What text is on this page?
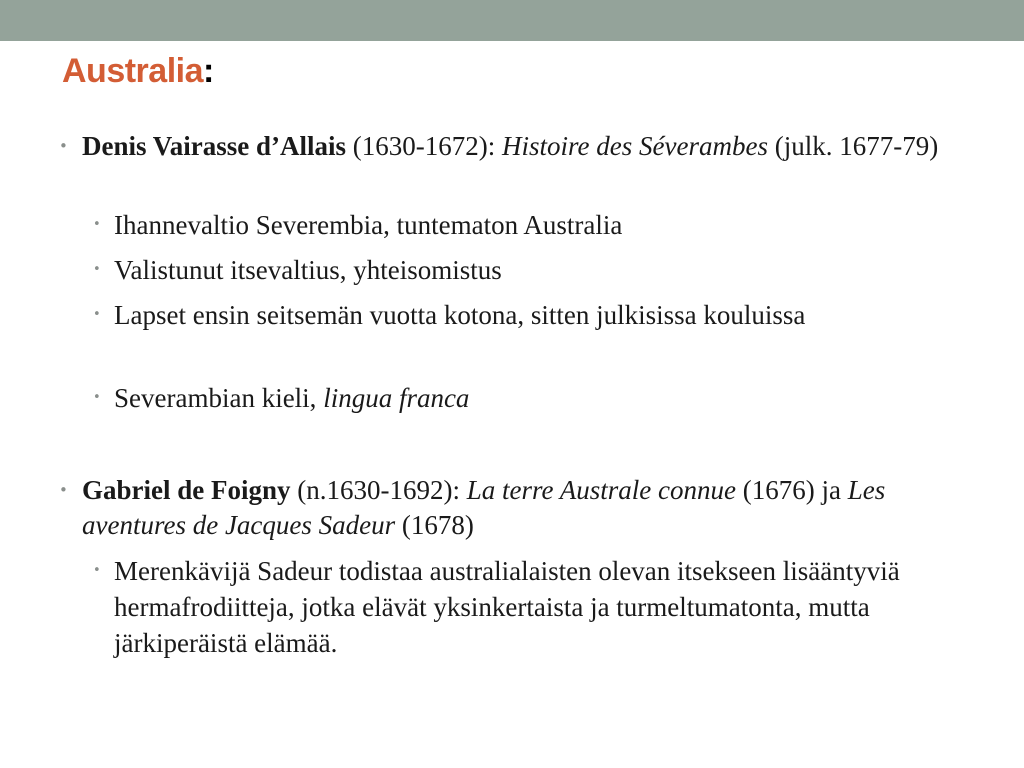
Australia:
• Denis Vairasse d’Allais (1630-1672): Histoire des Séverambes (julk. 1677-79)
• Ihannevaltio Severembia, tuntematon Australia
• Valistunut itsevaltius, yhteisomistus
• Lapset ensin seitsemän vuotta kotona, sitten julkisissa kouluissa
• Severambian kieli, lingua franca
• Gabriel de Foigny (n.1630-1692): La terre Australe connue (1676) ja Les aventures de Jacques Sadeur (1678)
• Merenkävijä Sadeur todistaa australialaisten olevan itsekseen lisääntyviä hermafrodiitteja, jotka elävät yksinkertaista ja turmeltumatonta, mutta järkiperäistä elämää.
